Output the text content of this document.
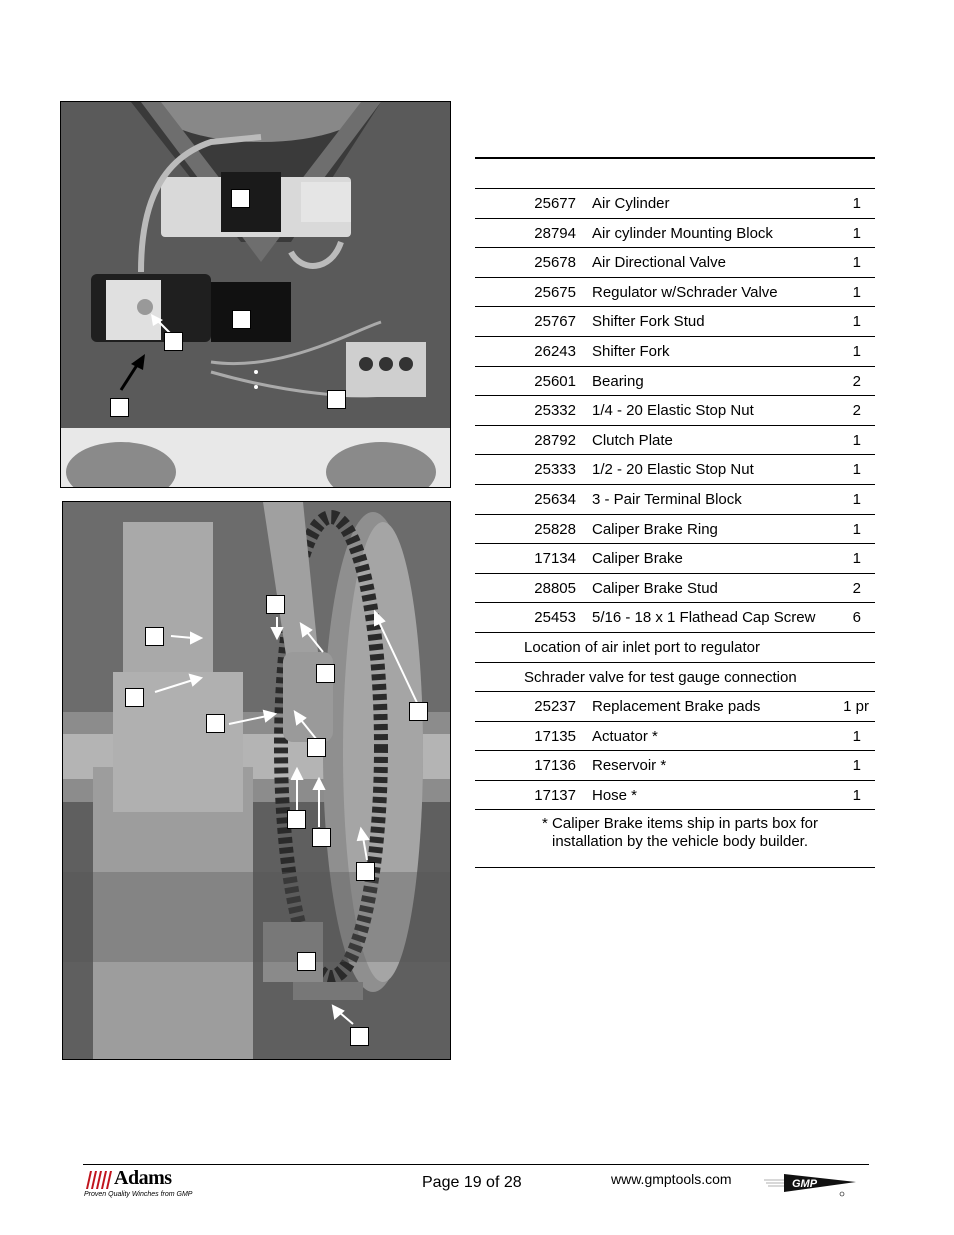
25677 Air Cylinder	1
28794 Air cylinder Mounting Block	1
25678 Air Directional Valve	1
25675 Regulator w/Schrader Valve	1
25767 Shifter Fork Stud	1
26243 Shifter Fork	1
25601 Bearing	2
25332 1/4 - 20 Elastic Stop Nut	2
28792 Clutch Plate	1
25333 1/2 - 20 Elastic Stop Nut	1
25634 3 - Pair Terminal Block	1
25828 Caliper Brake Ring	1
17134 Caliper Brake	1
28805 Caliper Brake Stud	2
25453 5/16 - 18 x 1 Flathead Cap Screw 6
Location of air inlet port to regulator
Schrader valve for test gauge connection
25237 Replacement Brake pads	1 pr
17135 Actuator *	1
17136 Reservoir *	1
17137 Hose *	1
* Caliper Brake items ship in parts box for
installation by the vehicle body builder.
Adams
Proven Quality Winches from GMP
Page 19 of 28	www.gmptools.com	GMP
